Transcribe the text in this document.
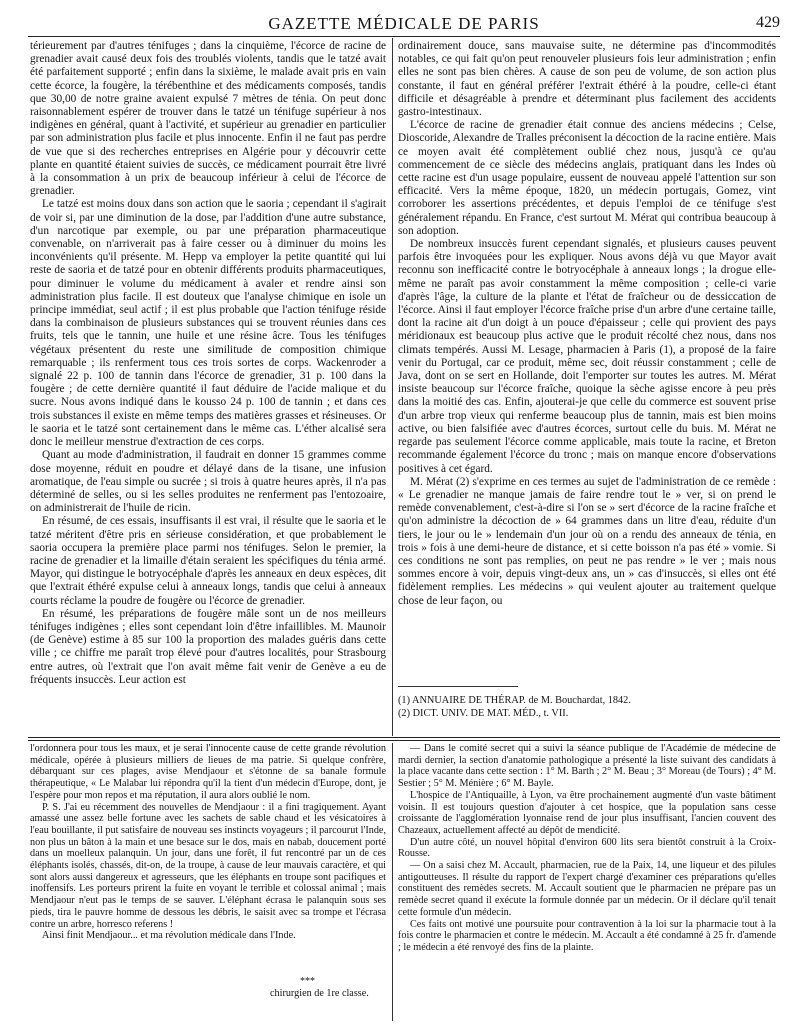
GAZETTE MÉDICALE DE PARIS	429

térieurement par d'autres ténifuges ; dans la cinquième, l'écorce de racine de grenadier avait causé deux fois des troublés violents, tandis que le tatzé avait été parfaitement supporté ; enfin dans la sixième, le malade avait pris en vain cette écorce, la fougère, la térébenthine et des médicaments composés, tandis que 30,00 de notre graine avaient expulsé 7 mètres de ténia. On peut donc raisonnablement espérer de trouver dans le tatzé un ténifuge supérieur à nos indigènes en général, quant à l'activité, et supérieur au grenadier en particulier par son administration plus facile et plus innocente. Enfin il ne faut pas perdre de vue que si des recherches entreprises en Algérie pour y découvrir cette plante en quantité étaient suivies de succès, ce médicament pourrait être livré à la consommation à un prix de beaucoup inférieur à celui de l'écorce de grenadier.

Le tatzé est moins doux dans son action que le saoria ; cependant il s'agirait de voir si, par une diminution de la dose, par l'addition d'une autre substance, d'un narcotique par exemple, ou par une préparation pharmaceutique convenable, on n'arriverait pas à faire cesser ou à diminuer du moins les inconvénients qu'il présente. M. Hepp va employer la petite quantité qui lui reste de saoria et de tatzé pour en obtenir différents produits pharmaceutiques, pour diminuer le volume du médicament à avaler et rendre ainsi son administration plus facile. Il est douteux que l'analyse chimique en isole un principe immédiat, seul actif ; il est plus probable que l'action ténifuge réside dans la combinaison de plusieurs substances qui se trouvent réunies dans ces fruits, tels que le tannin, une huile et une résine âcre. Tous les ténifuges végétaux présentent du reste une similitude de composition chimique remarquable ; ils renferment tous ces trois sortes de corps. Wackenroder a signalé 22 p. 100 de tannin dans l'écorce de grenadier, 31 p. 100 dans la fougère ; de cette dernière quantité il faut déduire de l'acide malique et du sucre. Nous avons indiqué dans le kousso 24 p. 100 de tannin ; et dans ces trois substances il existe en même temps des matières grasses et résineuses. Or le saoria et le tatzé sont certainement dans le même cas. L'éther alcalisé sera donc le meilleur menstrue d'extraction de ces corps.

Quant au mode d'administration, il faudrait en donner 15 grammes comme dose moyenne, réduit en poudre et délayé dans de la tisane, une infusion aromatique, de l'eau simple ou sucrée ; si trois à quatre heures après, il n'a pas déterminé de selles, ou si les selles produites ne renferment pas l'entozoaire, on administrerait de l'huile de ricin.

En résumé, de ces essais, insuffisants il est vrai, il résulte que le saoria et le tatzé méritent d'être pris en sérieuse considération, et que probablement le saoria occupera la première place parmi nos ténifuges. Selon le premier, la racine de grenadier et la limaille d'étain seraient les spécifiques du ténia armé. Mayor, qui distingue le botryocéphale d'après les anneaux en deux espèces, dit que l'extrait éthéré expulse celui à anneaux longs, tandis que celui à anneaux courts réclame la poudre de fougère ou l'écorce de grenadier.

En résumé, les préparations de fougère mâle sont un de nos meilleurs ténifuges indigènes ; elles sont cependant loin d'être infaillibles. M. Maunoir (de Genève) estime à 85 sur 100 la proportion des malades guéris dans cette ville ; ce chiffre me paraît trop élevé pour d'autres localités, pour Strasbourg entre autres, où l'extrait que l'on avait même fait venir de Genève a eu de fréquents insuccès. Leur action est

ordinairement douce, sans mauvaise suite, ne détermine pas d'incommodités notables, ce qui fait qu'on peut renouveler plusieurs fois leur administration ; enfin elles ne sont pas bien chères. A cause de son peu de volume, de son action plus constante, il faut en général préférer l'extrait éthéré à la poudre, celle-ci étant difficile et désagréable à prendre et déterminant plus facilement des accidents gastro-intestinaux.

L'écorce de racine de grenadier était connue des anciens médecins ; Celse, Dioscoride, Alexandre de Tralles préconisent la décoction de la racine entière. Mais ce moyen avait été complètement oublié chez nous, jusqu'à ce qu'au commencement de ce siècle des médecins anglais, pratiquant dans les Indes où cette racine est d'un usage populaire, eussent de nouveau appelé l'attention sur son efficacité. Vers la même époque, 1820, un médecin portugais, Gomez, vint corroborer les assertions précédentes, et depuis l'emploi de ce ténifuge s'est généralement répandu. En France, c'est surtout M. Mérat qui contribua beaucoup à son adoption.

De nombreux insuccès furent cependant signalés, et plusieurs causes peuvent parfois être invoquées pour les expliquer. Nous avons déjà vu que Mayor avait reconnu son inefficacité contre le botryocéphale à anneaux longs ; la drogue elle-même ne paraît pas avoir constamment la même composition ; celle-ci varie d'après l'âge, la culture de la plante et l'état de fraîcheur ou de dessiccation de l'écorce. Ainsi il faut employer l'écorce fraîche prise d'un arbre d'une certaine taille, dont la racine ait d'un doigt à un pouce d'épaisseur ; celle qui provient des pays méridionaux est beaucoup plus active que le produit récolté chez nous, dans nos climats tempérés. Aussi M. Lesage, pharmacien à Paris (1), a proposé de la faire venir du Portugal, car ce produit, même sec, doit réussir constamment ; celle de Java, dont on se sert en Hollande, doit l'emporter sur toutes les autres. M. Mérat insiste beaucoup sur l'écorce fraîche, quoique la sèche agisse encore à peu près dans la moitié des cas. Enfin, ajouterai-je que celle du commerce est souvent prise d'un arbre trop vieux qui renferme beaucoup plus de tannin, mais est bien moins active, ou bien falsifiée avec d'autres écorces, surtout celle du buis. M. Mérat ne regarde pas seulement l'écorce comme applicable, mais toute la racine, et Breton recommande également l'écorce du tronc ; mais on manque encore d'observations positives à cet égard.

M. Mérat (2) s'exprime en ces termes au sujet de l'administration de ce remède : « Le grenadier ne manque jamais de faire rendre tout le » ver, si on prend le remède convenablement, c'est-à-dire si l'on se » sert d'écorce de la racine fraîche et qu'on administre la décoction de » 64 grammes dans un litre d'eau, réduite d'un tiers, le jour ou le » lendemain d'un jour où on a rendu des anneaux de ténia, en trois » fois à une demi-heure de distance, et si cette boisson n'a pas été » vomie. Si ces conditions ne sont pas remplies, on peut ne pas rendre » le ver ; mais nous sommes encore à voir, depuis vingt-deux ans, un » cas d'insuccès, si elles ont été fidèlement remplies. Les médecins » qui veulent ajouter au traitement quelque chose de leur façon, ou

(1) ANNUAIRE DE THÉRAP. de M. Bouchardat, 1842.
(2) DICT. UNIV. DE MAT. MÉD., t. VII.

l'ordonnera pour tous les maux, et je serai l'innocente cause de cette grande révolution médicale, opérée à plusieurs milliers de lieues de ma patrie. Si quelque confrère, débarquant sur ces plages, avise Mendjaour et s'étonne de sa banale formule thérapeutique, « Le Malabar lui répondra qu'il la tient d'un médecin d'Europe, dont, je l'espère pour mon repos et ma réputation, il aura alors oublié le nom.

P. S. J'ai eu récemment des nouvelles de Mendjaour : il a fini tragiquement. Ayant amassé une assez belle fortune avec les sachets de sable chaud et les vésicatoires à l'eau bouillante, il put satisfaire de nouveau ses instincts voyageurs ; il parcourut l'Inde, non plus un bâton à la main et une besace sur le dos, mais en nabab, doucement porté dans un moelleux palanquin. Un jour, dans une forêt, il fut rencontré par un de ces éléphants isolés, chassés, dit-on, de la troupe, à cause de leur mauvais caractère, et qui sont alors aussi dangereux et agresseurs, que les éléphants en troupe sont pacifiques et inoffensifs. Les porteurs prirent la fuite en voyant le terrible et colossal animal ; mais Mendjaour n'eut pas le temps de se sauver. L'éléphant écrasa le palanquin sous ses pieds, tira le pauvre homme de dessous les débris, le saisit avec sa trompe et l'écrasa contre un arbre, horresco referens !

Ainsi finit Mendjaour... et ma révolution médicale dans l'Inde.

***
chirurgien de 1re classe.

— Dans le comité secret qui a suivi la séance publique de l'Académie de médecine de mardi dernier, la section d'anatomie pathologique a présenté la liste suivant des candidats à la place vacante dans cette section : 1° M. Barth ; 2° M. Beau ; 3° Moreau (de Tours) ; 4° M. Sestier ; 5° M. Ménière ; 6° M. Bayle.

L'hospice de l'Antiquaille, à Lyon, va être prochainement augmenté d'un vaste bâtiment voisin. Il est toujours question d'ajouter à cet hospice, que la population sans cesse croissante de l'agglomération lyonnaise rend de jour plus insuffisant, l'ancien couvent des Chazeaux, actuellement affecté au dépôt de mendicité.

D'un autre côté, un nouvel hôpital d'environ 600 lits sera bientôt construit à la Croix-Rousse.

— On a saisi chez M. Accault, pharmacien, rue de la Paix, 14, une liqueur et des pilules antigoutteuses. Il résulte du rapport de l'expert chargé d'examiner ces préparations qu'elles constituent des remèdes secrets. M. Accault soutient que le pharmacien ne prépare pas un remède secret quand il exécute la formule donnée par un médecin. Or il déclare qu'il tenait cette formule d'un médecin.

Ces faits ont motivé une poursuite pour contravention à la loi sur la pharmacie tout à la fois contre le pharmacien et contre le médecin. M. Accault a été condamné à 25 fr. d'amende ; le médecin a été renvoyé des fins de la plainte.
